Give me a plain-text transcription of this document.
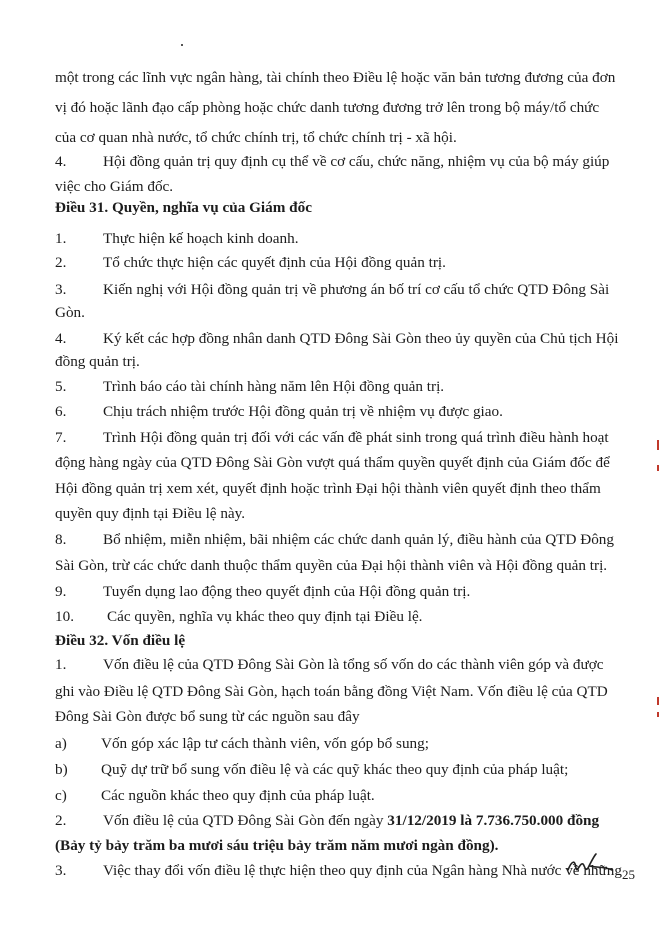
một trong các lĩnh vực ngân hàng, tài chính theo Điều lệ hoặc văn bản tương đương của đơn
vị đó hoặc lãnh đạo cấp phòng hoặc chức danh tương đương trở lên trong bộ máy/tổ chức
của cơ quan nhà nước, tổ chức chính trị, tổ chức chính trị - xã hội.
4. Hội đồng quản trị quy định cụ thể về cơ cấu, chức năng, nhiệm vụ của bộ máy giúp
việc cho Giám đốc.
Điều 31. Quyền, nghĩa vụ của Giám đốc
1. Thực hiện kế hoạch kinh doanh.
2. Tổ chức thực hiện các quyết định của Hội đồng quản trị.
3. Kiến nghị với Hội đồng quản trị về phương án bố trí cơ cấu tổ chức QTD Đông Sài
Gòn.
4. Ký kết các hợp đồng nhân danh QTD Đông Sài Gòn theo ủy quyền của Chủ tịch Hội
đồng quản trị.
5. Trình báo cáo tài chính hàng năm lên Hội đồng quản trị.
6. Chịu trách nhiệm trước Hội đồng quản trị về nhiệm vụ được giao.
7. Trình Hội đồng quản trị đối với các vấn đề phát sinh trong quá trình điều hành hoạt
động hàng ngày của QTD Đông Sài Gòn vượt quá thẩm quyền quyết định của Giám đốc để
Hội đồng quản trị xem xét, quyết định hoặc trình Đại hội thành viên quyết định theo thẩm
quyền quy định tại Điều lệ này.
8. Bổ nhiệm, miễn nhiệm, bãi nhiệm các chức danh quản lý, điều hành của QTD Đông
Sài Gòn, trừ các chức danh thuộc thẩm quyền của Đại hội thành viên và Hội đồng quản trị.
9. Tuyển dụng lao động theo quyết định của Hội đồng quản trị.
10. Các quyền, nghĩa vụ khác theo quy định tại Điều lệ.
Điều 32. Vốn điều lệ
1. Vốn điều lệ của QTD Đông Sài Gòn là tổng số vốn do các thành viên góp và được
ghi vào Điều lệ QTD Đông Sài Gòn, hạch toán bằng đồng Việt Nam. Vốn điều lệ của QTD
Đông Sài Gòn được bổ sung từ các nguồn sau đây
a) Vốn góp xác lập tư cách thành viên, vốn góp bổ sung;
b) Quỹ dự trữ bổ sung vốn điều lệ và các quỹ khác theo quy định của pháp luật;
c) Các nguồn khác theo quy định của pháp luật.
2. Vốn điều lệ của QTD Đông Sài Gòn đến ngày 31/12/2019 là 7.736.750.000 đồng
(Bảy tỷ bảy trăm ba mươi sáu triệu bảy trăm năm mươi ngàn đồng).
3. Việc thay đổi vốn điều lệ thực hiện theo quy định của Ngân hàng Nhà nước về những 25
